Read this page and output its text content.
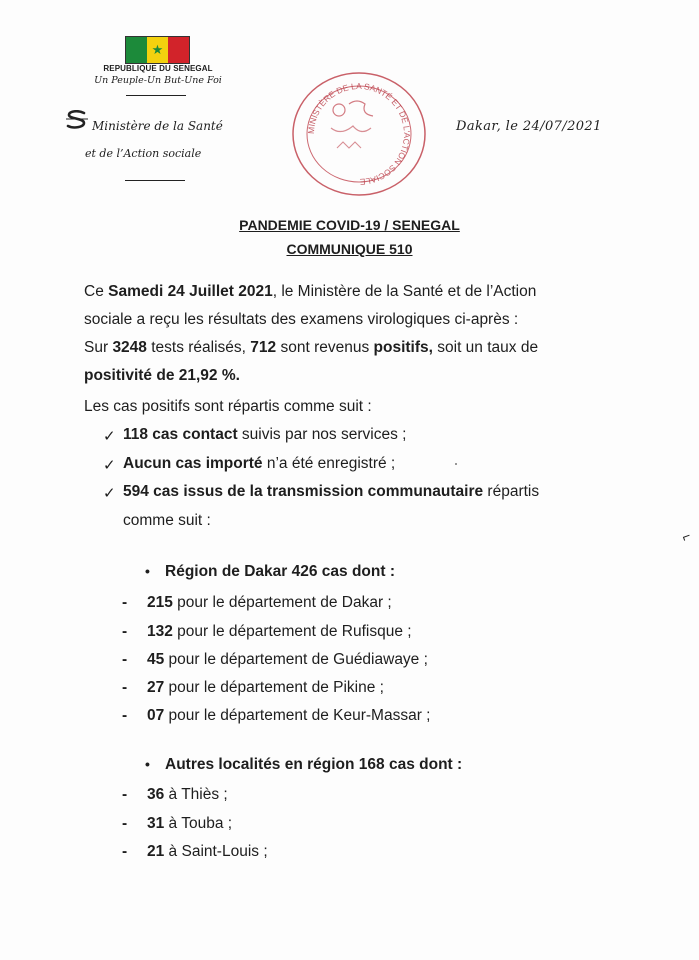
★
REPUBLIQUE DU SENEGAL
Un Peuple-Un But-Une Foi
Ministère de la Santé
et de l’Action sociale
MINISTÈRE DE LA SANTÉ ET DE L'ACTION SOCIALE
Dakar, le 24/07/2021
PANDEMIE COVID-19 / SENEGAL
COMMUNIQUE 510
Ce Samedi 24 Juillet 2021, le Ministère de la Santé et de l’Action
sociale a reçu les résultats des examens virologiques ci-après :
Sur 3248 tests réalisés, 712 sont revenus positifs, soit un taux de
positivité de 21,92 %.
Les cas positifs sont répartis comme suit :
✓ 118 cas contact suivis par nos services ;
✓ Aucun cas importé n’a été enregistré ;
✓ 594 cas issus de la transmission communautaire répartis
comme suit :
• Région de Dakar 426 cas dont :
- 215 pour le département de Dakar ;
- 132 pour le département de Rufisque ;
- 45 pour le département de Guédiawaye ;
- 27 pour le département de Pikine ;
- 07 pour le département de Keur-Massar ;
• Autres localités en région 168 cas dont :
- 36 à Thiès ;
- 31 à Touba ;
- 21 à Saint-Louis ;
⌐
